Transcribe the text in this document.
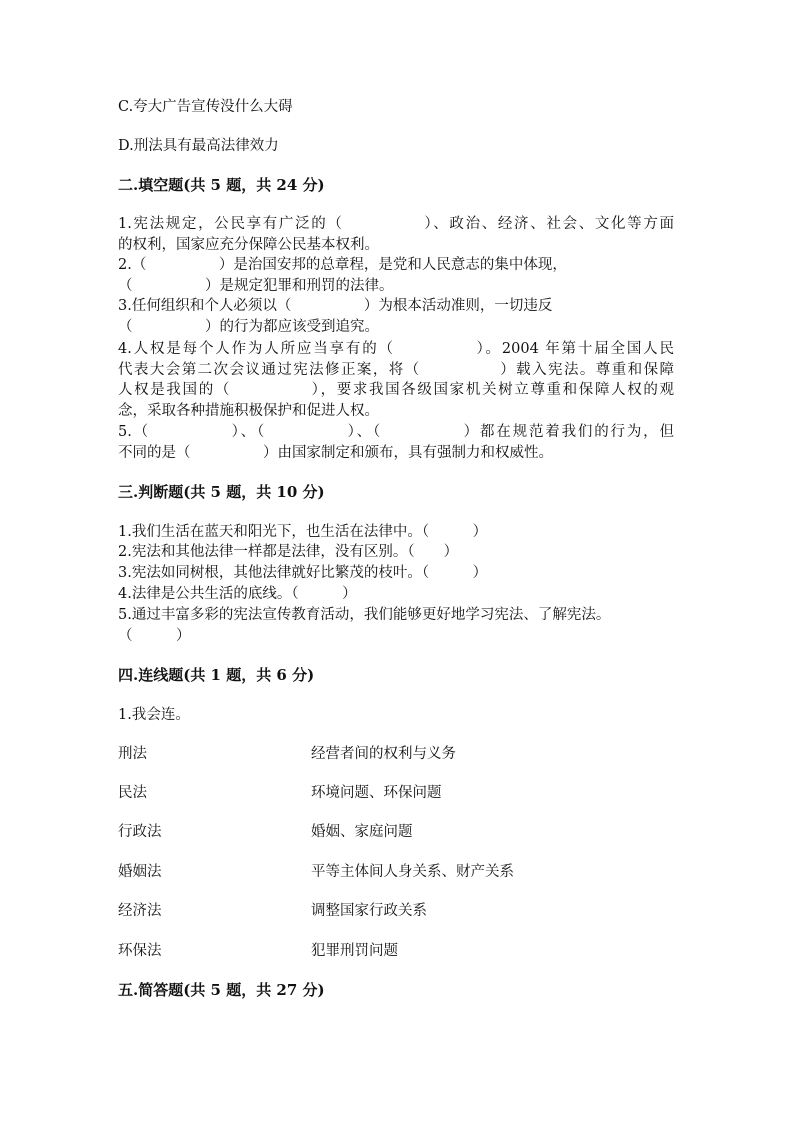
C.夸大广告宣传没什么大碍
D.刑法具有最高法律效力
二.填空题(共 5 题，共 24 分)
1.宪法规定，公民享有广泛的（　　　　　）、政治、经济、社会、文化等方面
的权利，国家应充分保障公民基本权利。
2.（　　　　　）是治国安邦的总章程，是党和人民意志的集中体现，
（　　　　　）是规定犯罪和刑罚的法律。
3.任何组织和个人必须以（　　　　　）为根本活动准则，一切违反
（　　　　　）的行为都应该受到追究。
4.人权是每个人作为人所应当享有的（　　　　　）。2004 年第十届全国人民
代表大会第二次会议通过宪法修正案，将（　　　　　）载入宪法。尊重和保障
人权是我国的（　　　　　），要求我国各级国家机关树立尊重和保障人权的观
念，采取各种措施积极保护和促进人权。
5.（　　　　　）、（　　　　　）、（　　　　　）都在规范着我们的行为，但
不同的是（　　　　　）由国家制定和颁布，具有强制力和权威性。
三.判断题(共 5 题，共 10 分)
1.我们生活在蓝天和阳光下，也生活在法律中。（　　　）
2.宪法和其他法律一样都是法律，没有区别。（　　）
3.宪法如同树根，其他法律就好比繁茂的枝叶。（　　　）
4.法律是公共生活的底线。（　　　）
5.通过丰富多彩的宪法宣传教育活动，我们能够更好地学习宪法、了解宪法。
（　　　）
四.连线题(共 1 题，共 6 分)
1.我会连。
刑法	经营者间的权利与义务
民法	环境问题、环保问题
行政法	婚姻、家庭问题
婚姻法	平等主体间人身关系、财产关系
经济法	调整国家行政关系
环保法	犯罪刑罚问题
五.简答题(共 5 题，共 27 分)
